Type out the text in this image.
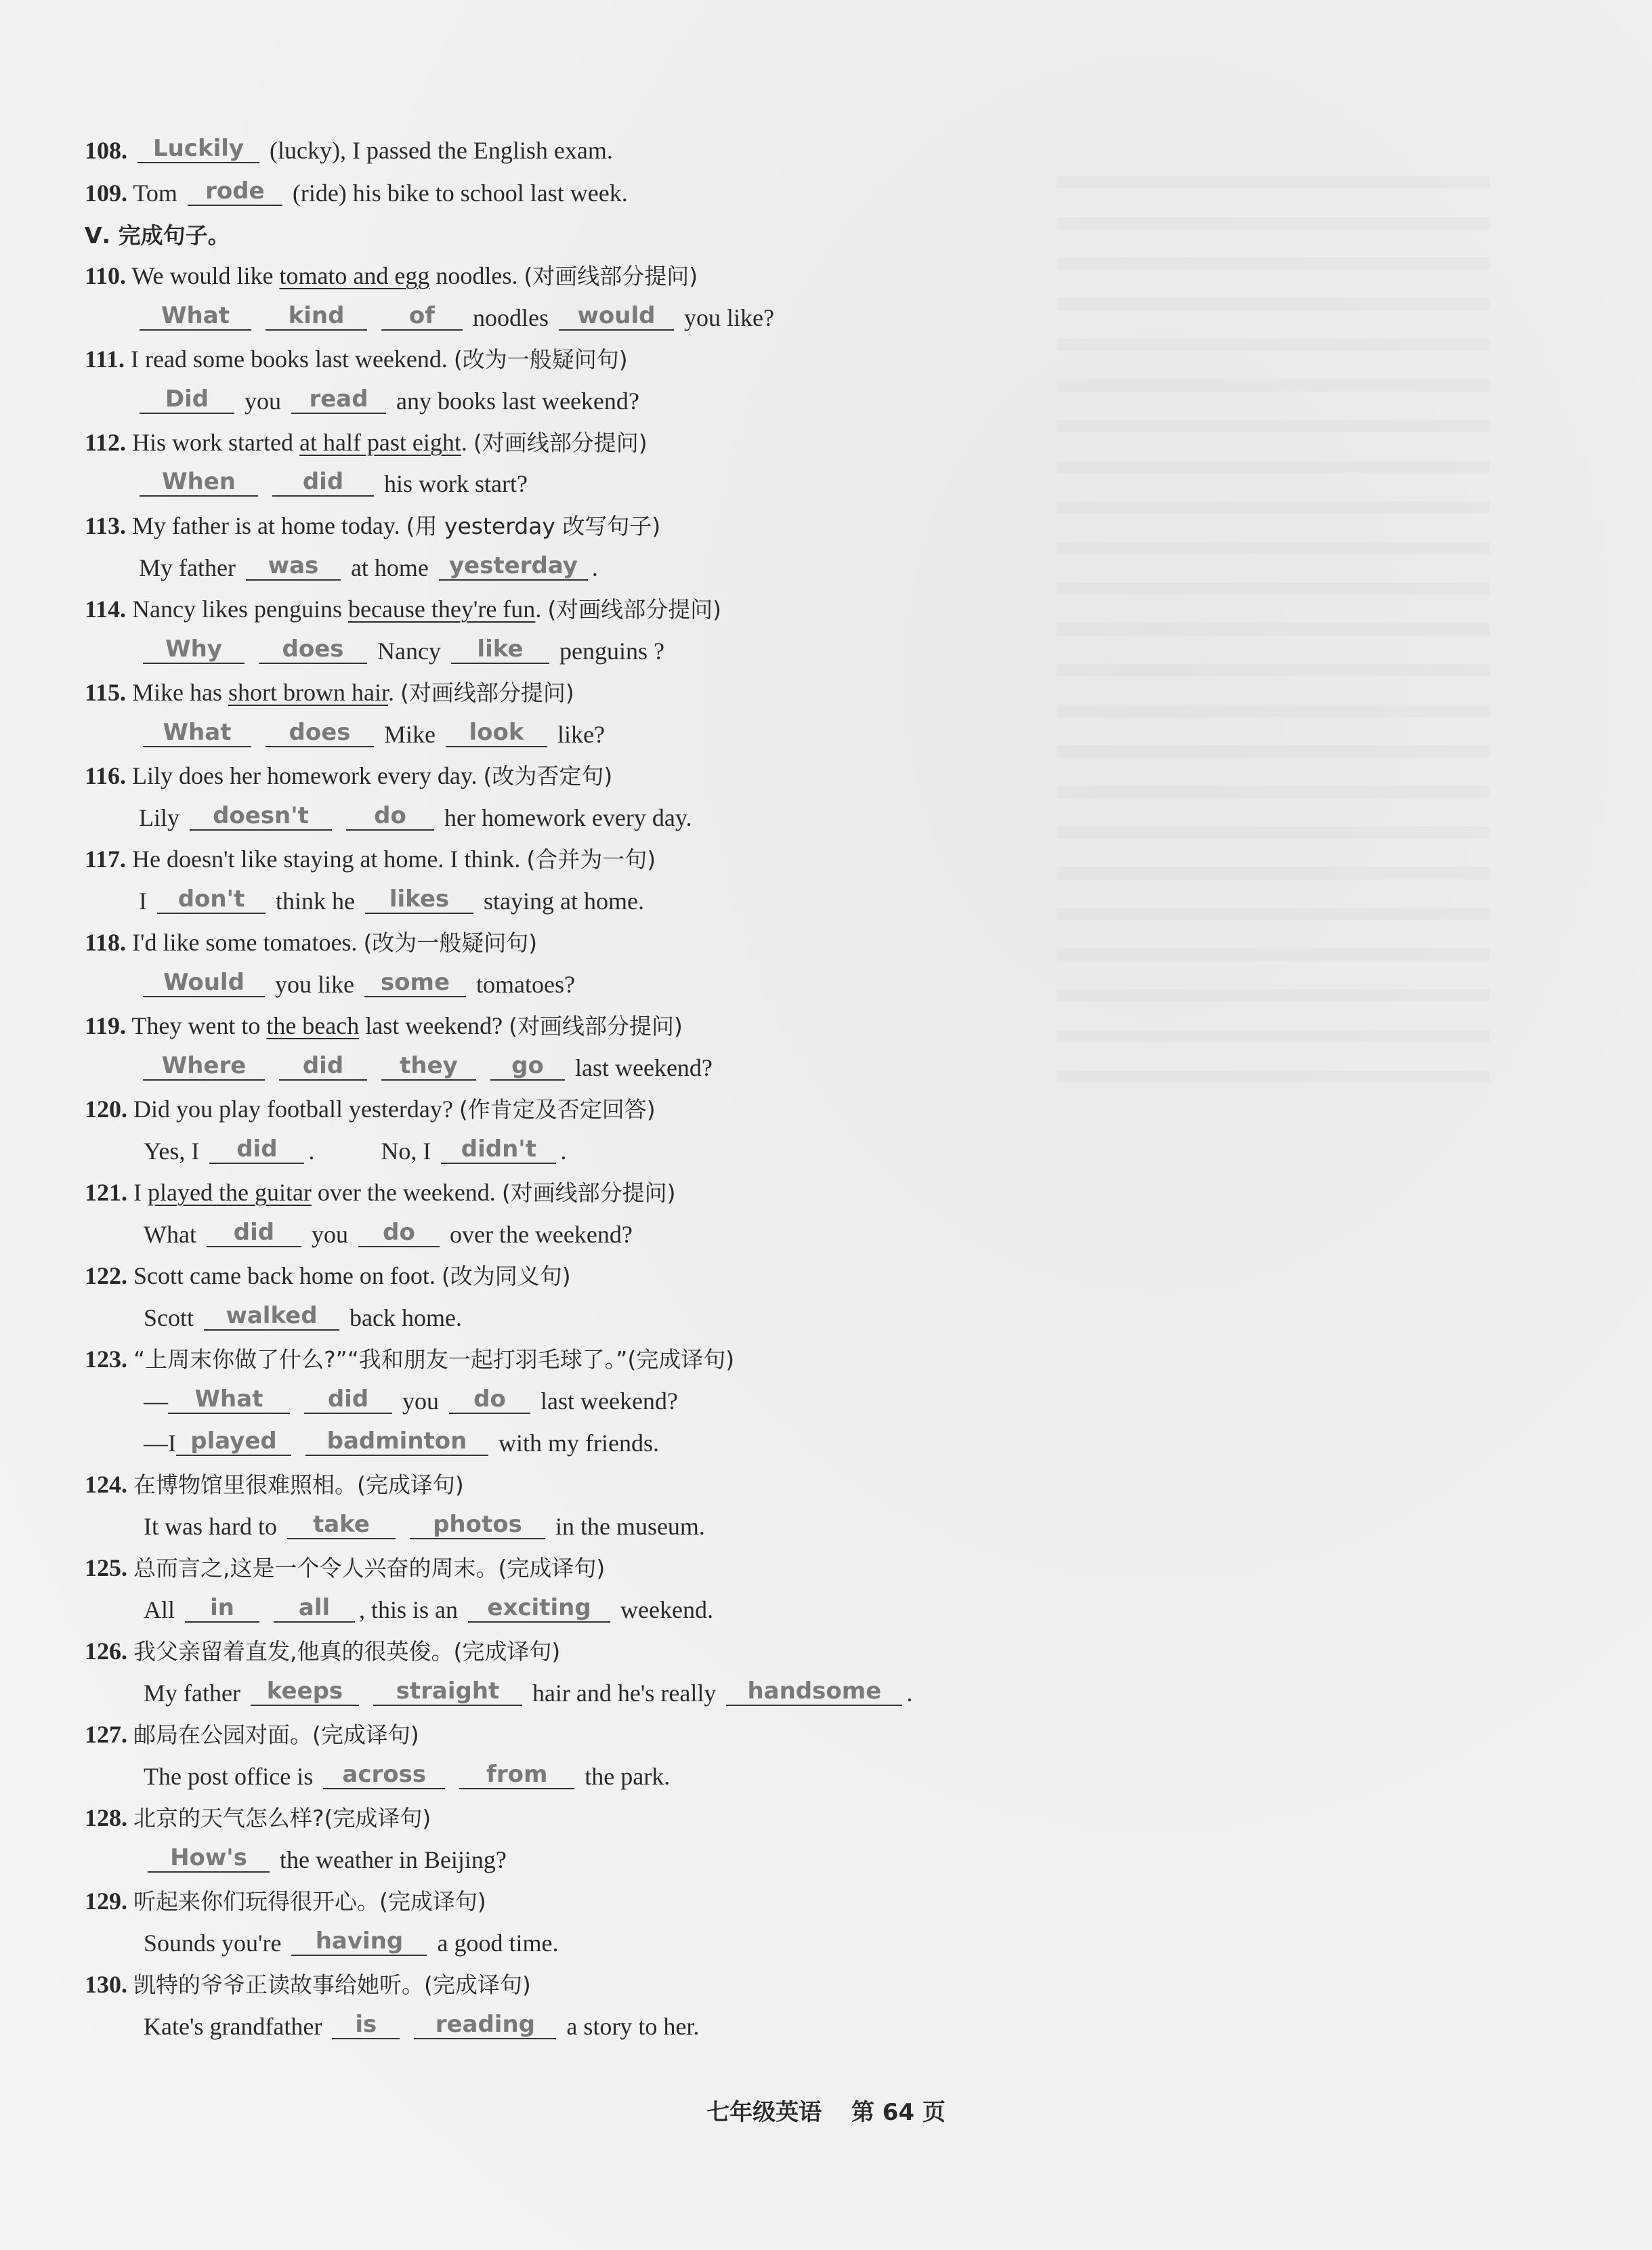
108. Luckily (lucky), I passed the English exam.
109. Tom rode (ride) his bike to school last week.
Ⅴ. 完成句子。
110. We would like tomato and egg noodles. (对画线部分提问)
What	kind	of noodles would you like?
111. I read some books last weekend. (改为一般疑问句)
Did you read any books last weekend?
112. His work started at half past eight. (对画线部分提问)
When	did his work start?
113. My father is at home today. (用 yesterday 改写句子)
My father was at home yesterday .
114. Nancy likes penguins because they're fun. (对画线部分提问)
Why	does Nancy like penguins ?
115. Mike has short brown hair. (对画线部分提问)
What	does Mike look like?
116. Lily does her homework every day. (改为否定句)
Lily doesn't	do her homework every day.
117. He doesn't like staying at home. I think. (合并为一句)
I don't think he likes staying at home.
118. I'd like some tomatoes. (改为一般疑问句)
Would you like some tomatoes?
119. They went to the beach last weekend? (对画线部分提问)
Where did they go last weekend?
120. Did you play football yesterday? (作肯定及否定回答)
Yes, I did .	No, I didn't .
121. I played the guitar over the weekend. (对画线部分提问)
What did you do over the weekend?
122. Scott came back home on foot. (改为同义句)
Scott walked back home.
123. “上周末你做了什么?”“我和朋友一起打羽毛球了。”(完成译句)
— What	did you do last weekend?
—I played badminton with my friends.
124. 在博物馆里很难照相。(完成译句)
It was hard to take	photos in the museum.
125. 总而言之,这是一个令人兴奋的周末。(完成译句)
All in	all , this is an exciting weekend.
126. 我父亲留着直发,他真的很英俊。(完成译句)
My father keeps straight hair and he's really handsome .
127. 邮局在公园对面。(完成译句)
The post office is across	from the park.
128. 北京的天气怎么样?(完成译句)
How's the weather in Beijing?
129. 听起来你们玩得很开心。(完成译句)
Sounds you're having a good time.
130. 凯特的爷爷正读故事给她听。(完成译句)
Kate's grandfather is	reading a story to her.
七年级英语 第 64 页
